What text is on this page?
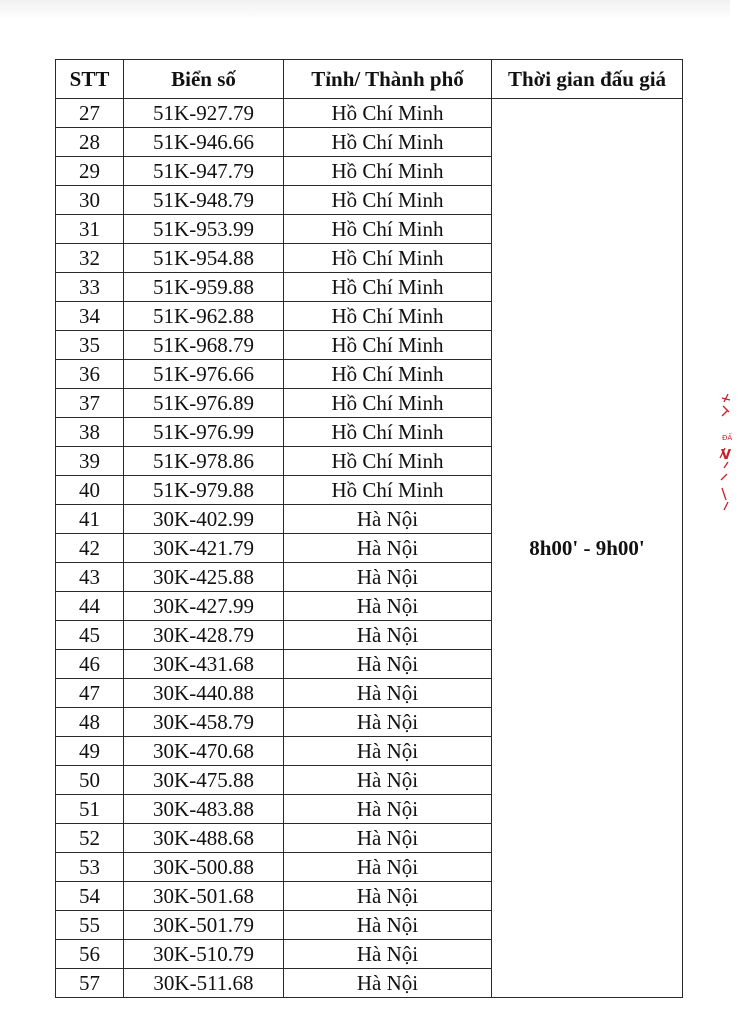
STT	Biển số	Tỉnh/ Thành phố	Thời gian đấu giá
27	51K-927.79	Hồ Chí Minh	8h00' - 9h00'
28	51K-946.66	Hồ Chí Minh	
29	51K-947.79	Hồ Chí Minh	
30	51K-948.79	Hồ Chí Minh	
31	51K-953.99	Hồ Chí Minh	
32	51K-954.88	Hồ Chí Minh	
33	51K-959.88	Hồ Chí Minh	
34	51K-962.88	Hồ Chí Minh	
35	51K-968.79	Hồ Chí Minh	
36	51K-976.66	Hồ Chí Minh	
37	51K-976.89	Hồ Chí Minh	
38	51K-976.99	Hồ Chí Minh	
39	51K-978.86	Hồ Chí Minh	
40	51K-979.88	Hồ Chí Minh	
41	30K-402.99	Hà Nội	
42	30K-421.79	Hà Nội	
43	30K-425.88	Hà Nội	
44	30K-427.99	Hà Nội	
45	30K-428.79	Hà Nội	
46	30K-431.68	Hà Nội	
47	30K-440.88	Hà Nội	
48	30K-458.79	Hà Nội	
49	30K-470.68	Hà Nội	
50	30K-475.88	Hà Nội	
51	30K-483.88	Hà Nội	
52	30K-488.68	Hà Nội	
53	30K-500.88	Hà Nội	
54	30K-501.68	Hà Nội	
55	30K-501.79	Hà Nội	
56	30K-510.79	Hà Nội	
57	30K-511.68	Hà Nội	
ĐẤ
V
